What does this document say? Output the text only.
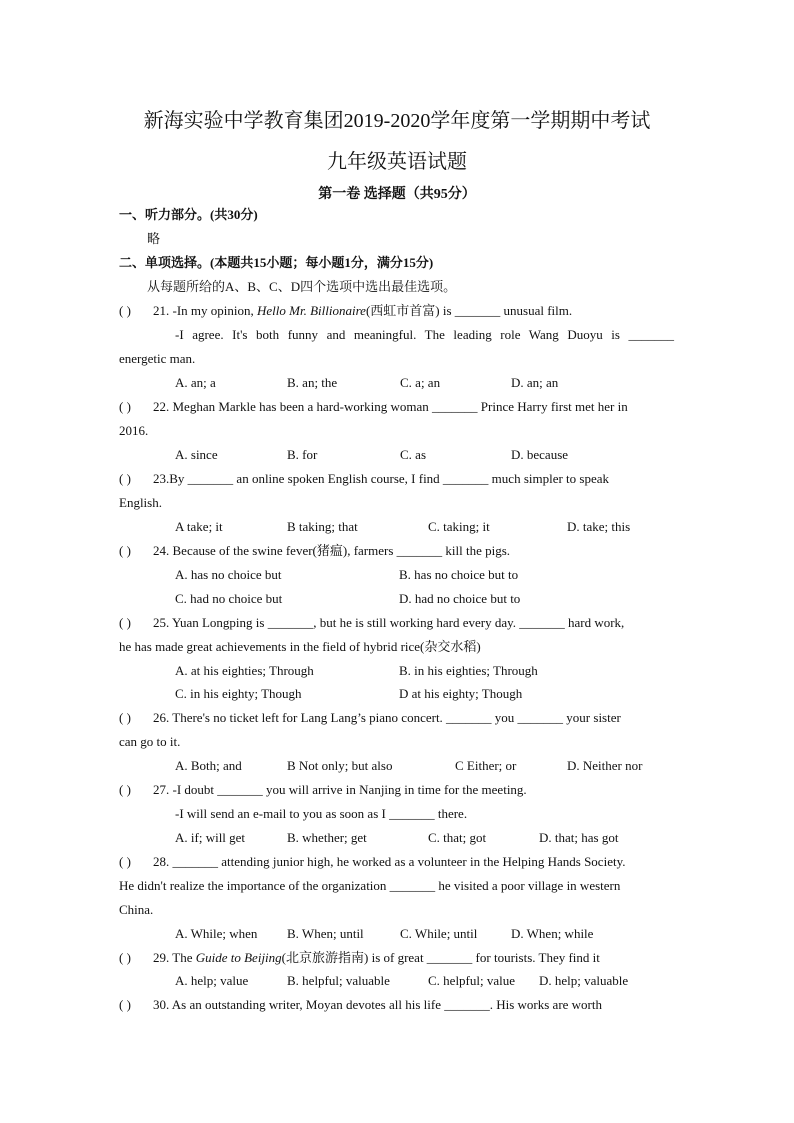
新海实验中学教育集团2019-2020学年度第一学期期中考试
九年级英语试题
第一卷 选择题（共95分）
一、听力部分。(共30分)
略
二、单项选择。(本题共15小题；每小题1分，满分15分)
从每题所给的A、B、C、D四个选项中选出最佳选项。
( ) 21. -In my opinion, Hello Mr. Billionaire(西虹市首富) is _______ unusual film.
-I agree. It's both funny and meaningful. The leading role Wang Duoyu is _______
energetic man.
A. an; a	B. an; the	C. a; an	D. an; an
( ) 22. Meghan Markle has been a hard-working woman _______ Prince Harry first met her in
2016.
A. since	B. for	C. as	D. because
( ) 23.By _______ an online spoken English course, I find _______ much simpler to speak
English.
A take; it	B taking; that	C. taking; it	D. take; this
( ) 24. Because of the swine fever(猪瘟), farmers _______ kill the pigs.
A. has no choice but	B. has no choice but to
C. had no choice but	D. had no choice but to
( ) 25. Yuan Longping is _______, but he is still working hard every day. _______ hard work,
he has made great achievements in the field of hybrid rice(杂交水稻)
A. at his eighties; Through	B. in his eighties; Through
C. in his eighty; Though	D at his eighty; Though
( ) 26. There's no ticket left for Lang Lang’s piano concert. _______ you _______ your sister
can go to it.
A. Both; and	B Not only; but also	C Either; or	D. Neither nor
( ) 27. -I doubt _______ you will arrive in Nanjing in time for the meeting.
-I will send an e-mail to you as soon as I _______ there.
A. if; will get	B. whether; get	C. that; got	D. that; has got
( ) 28. _______ attending junior high, he worked as a volunteer in the Helping Hands Society.
He didn't realize the importance of the organization _______ he visited a poor village in western
China.
A. While; when B. When; until	C. While; until	D. When; while
( ) 29. The Guide to Beijing(北京旅游指南) is of great _______ for tourists. They find it
A. help; value	B. helpful; valuable	C. helpful; value D. help; valuable
( ) 30. As an outstanding writer, Moyan devotes all his life _______. His works are worth
